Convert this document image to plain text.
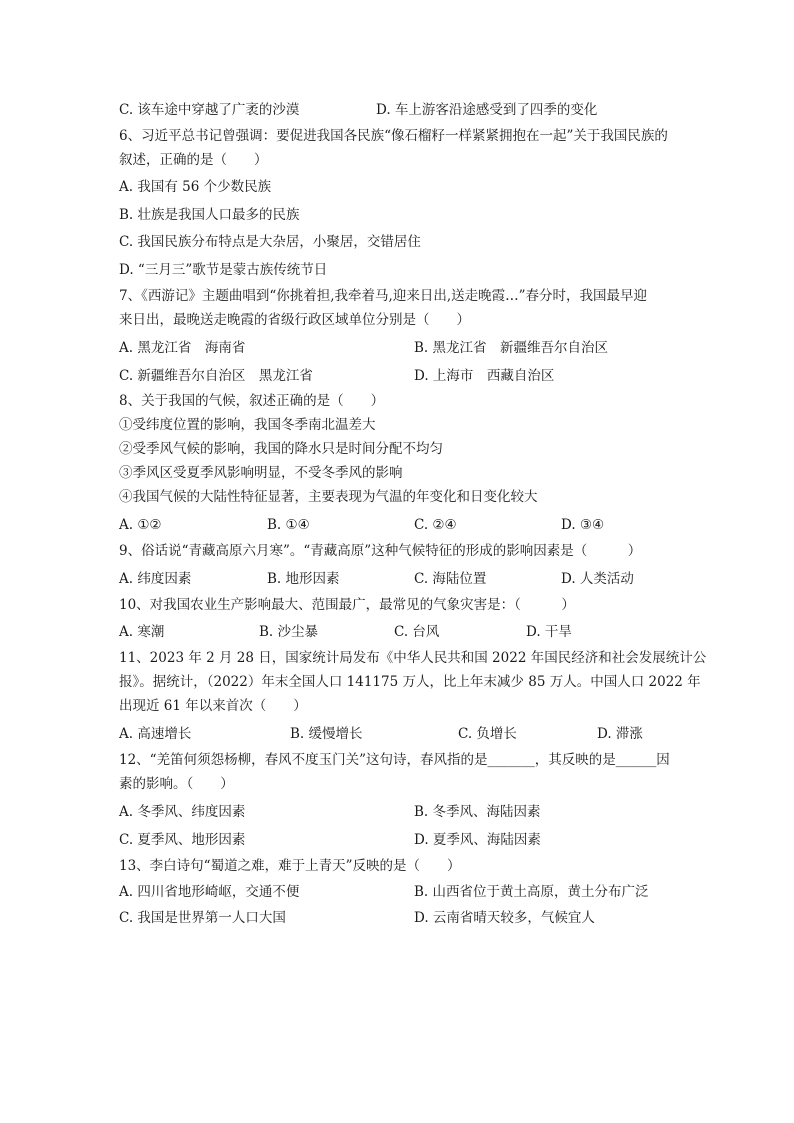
C. 该车途中穿越了广袤的沙漠	D. 车上游客沿途感受到了四季的变化
6、习近平总书记曾强调：要促进我国各民族“像石榴籽一样紧紧拥抱在一起”关于我国民族的
叙述，正确的是（　　）
A. 我国有 56 个少数民族
B. 壮族是我国人口最多的民族
C. 我国民族分布特点是大杂居，小聚居，交错居住
D. “三月三”歌节是蒙古族传统节日
7、《西游记》主题曲唱到“你挑着担,我牵着马,迎来日出,送走晚霞…”春分时，我国最早迎
来日出，最晚送走晚霞的省级行政区域单位分别是（　　）
A. 黑龙江省　海南省	B. 黑龙江省　新疆维吾尔自治区
C. 新疆维吾尔自治区　黑龙江省	D. 上海市　西藏自治区
8、关于我国的气候，叙述正确的是（　　）
①受纬度位置的影响，我国冬季南北温差大
②受季风气候的影响，我国的降水只是时间分配不均匀
③季风区受夏季风影响明显，不受冬季风的影响
④我国气候的大陆性特征显著，主要表现为气温的年变化和日变化较大
A. ①②	B. ①④	C. ②④	D. ③④
9、俗话说“青藏高原六月寒”。“青藏高原”这种气候特征的形成的影响因素是（　　　）
A. 纬度因素	B. 地形因素	C. 海陆位置	D. 人类活动
10、对我国农业生产影响最大、范围最广，最常见的气象灾害是：（　　　）
A. 寒潮	B. 沙尘暴	C. 台风	D. 干旱
11、2023 年 2 月 28 日，国家统计局发布《中华人民共和国 2022 年国民经济和社会发展统计公
报》。据统计，（2022）年末全国人口 141175 万人，比上年末减少 85 万人。中国人口 2022 年
出现近 61 年以来首次（　　）
A. 高速增长	B. 缓慢增长	C. 负增长	D. 滞涨
12、“羌笛何须怨杨柳，春风不度玉门关”这句诗，春风指的是_______，其反映的是______因
素的影响。（　　）
A. 冬季风、纬度因素	B. 冬季风、海陆因素
C. 夏季风、地形因素	D. 夏季风、海陆因素
13、李白诗句“蜀道之难，难于上青天”反映的是（　　）
A. 四川省地形崎岖，交通不便	B. 山西省位于黄土高原，黄土分布广泛
C. 我国是世界第一人口大国	D. 云南省晴天较多，气候宜人
